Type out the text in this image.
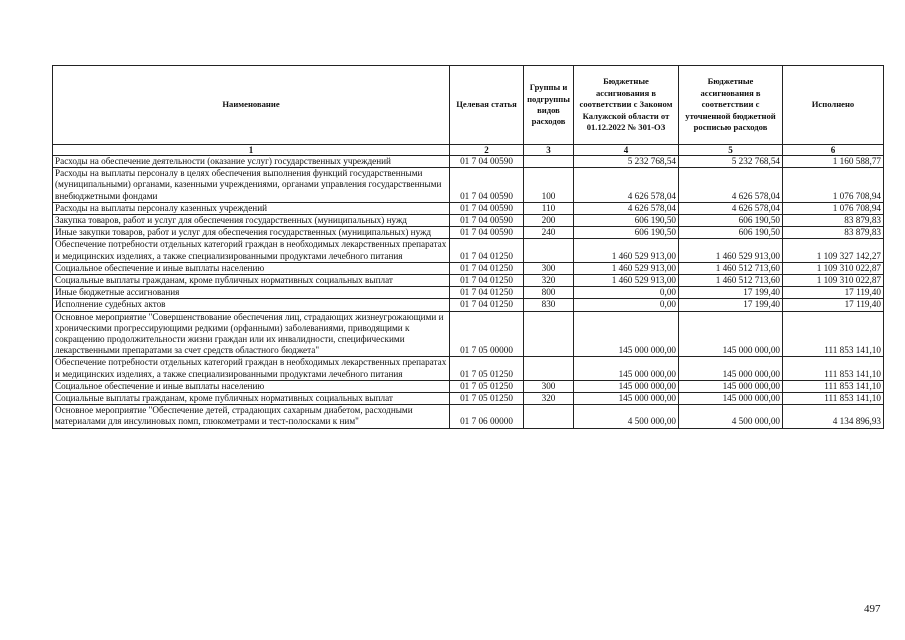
Наименование	Целевая статья	Группы и подгруппы видов расходов	Бюджетные ассигнования в соответствии с Законом Калужской области от 01.12.2022 № 301-ОЗ	Бюджетные ассигнования в соответствии с уточненной бюджетной росписью расходов	Исполнено
1	2	3	4	5	6
Расходы на обеспечение деятельности (оказание услуг) государственных учреждений	01 7 04 00590		5 232 768,54	5 232 768,54	1 160 588,77
Расходы на выплаты персоналу в целях обеспечения выполнения функций государственными (муниципальными) органами, казенными учреждениями, органами управления государственными внебюджетными фондами	01 7 04 00590	100	4 626 578,04	4 626 578,04	1 076 708,94
Расходы на выплаты персоналу казенных учреждений	01 7 04 00590	110	4 626 578,04	4 626 578,04	1 076 708,94
Закупка товаров, работ и услуг для обеспечения государственных (муниципальных) нужд	01 7 04 00590	200	606 190,50	606 190,50	83 879,83
Иные закупки товаров, работ и услуг для обеспечения государственных (муниципальных) нужд	01 7 04 00590	240	606 190,50	606 190,50	83 879,83
Обеспечение потребности отдельных категорий граждан в необходимых лекарственных препаратах и медицинских изделиях, а также специализированными продуктами лечебного питания	01 7 04 01250		1 460 529 913,00	1 460 529 913,00	1 109 327 142,27
Социальное обеспечение и иные выплаты населению	01 7 04 01250	300	1 460 529 913,00	1 460 512 713,60	1 109 310 022,87
Социальные выплаты гражданам, кроме публичных нормативных социальных выплат	01 7 04 01250	320	1 460 529 913,00	1 460 512 713,60	1 109 310 022,87
Иные бюджетные ассигнования	01 7 04 01250	800	0,00	17 199,40	17 119,40
Исполнение судебных актов	01 7 04 01250	830	0,00	17 199,40	17 119,40
Основное мероприятие "Совершенствование обеспечения лиц, страдающих жизнеугрожающими и хроническими прогрессирующими редкими (орфанными) заболеваниями, приводящими к сокращению продолжительности жизни граждан или их инвалидности, специфическими лекарственными препаратами за счет средств областного бюджета"	01 7 05 00000		145 000 000,00	145 000 000,00	111 853 141,10
Обеспечение потребности отдельных категорий граждан в необходимых лекарственных препаратах и медицинских изделиях, а также специализированными продуктами лечебного питания	01 7 05 01250		145 000 000,00	145 000 000,00	111 853 141,10
Социальное обеспечение и иные выплаты населению	01 7 05 01250	300	145 000 000,00	145 000 000,00	111 853 141,10
Социальные выплаты гражданам, кроме публичных нормативных социальных выплат	01 7 05 01250	320	145 000 000,00	145 000 000,00	111 853 141,10
Основное мероприятие "Обеспечение детей, страдающих сахарным диабетом, расходными материалами для инсулиновых помп, глюкометрами и тест-полосками к ним"	01 7 06 00000		4 500 000,00	4 500 000,00	4 134 896,93
497
